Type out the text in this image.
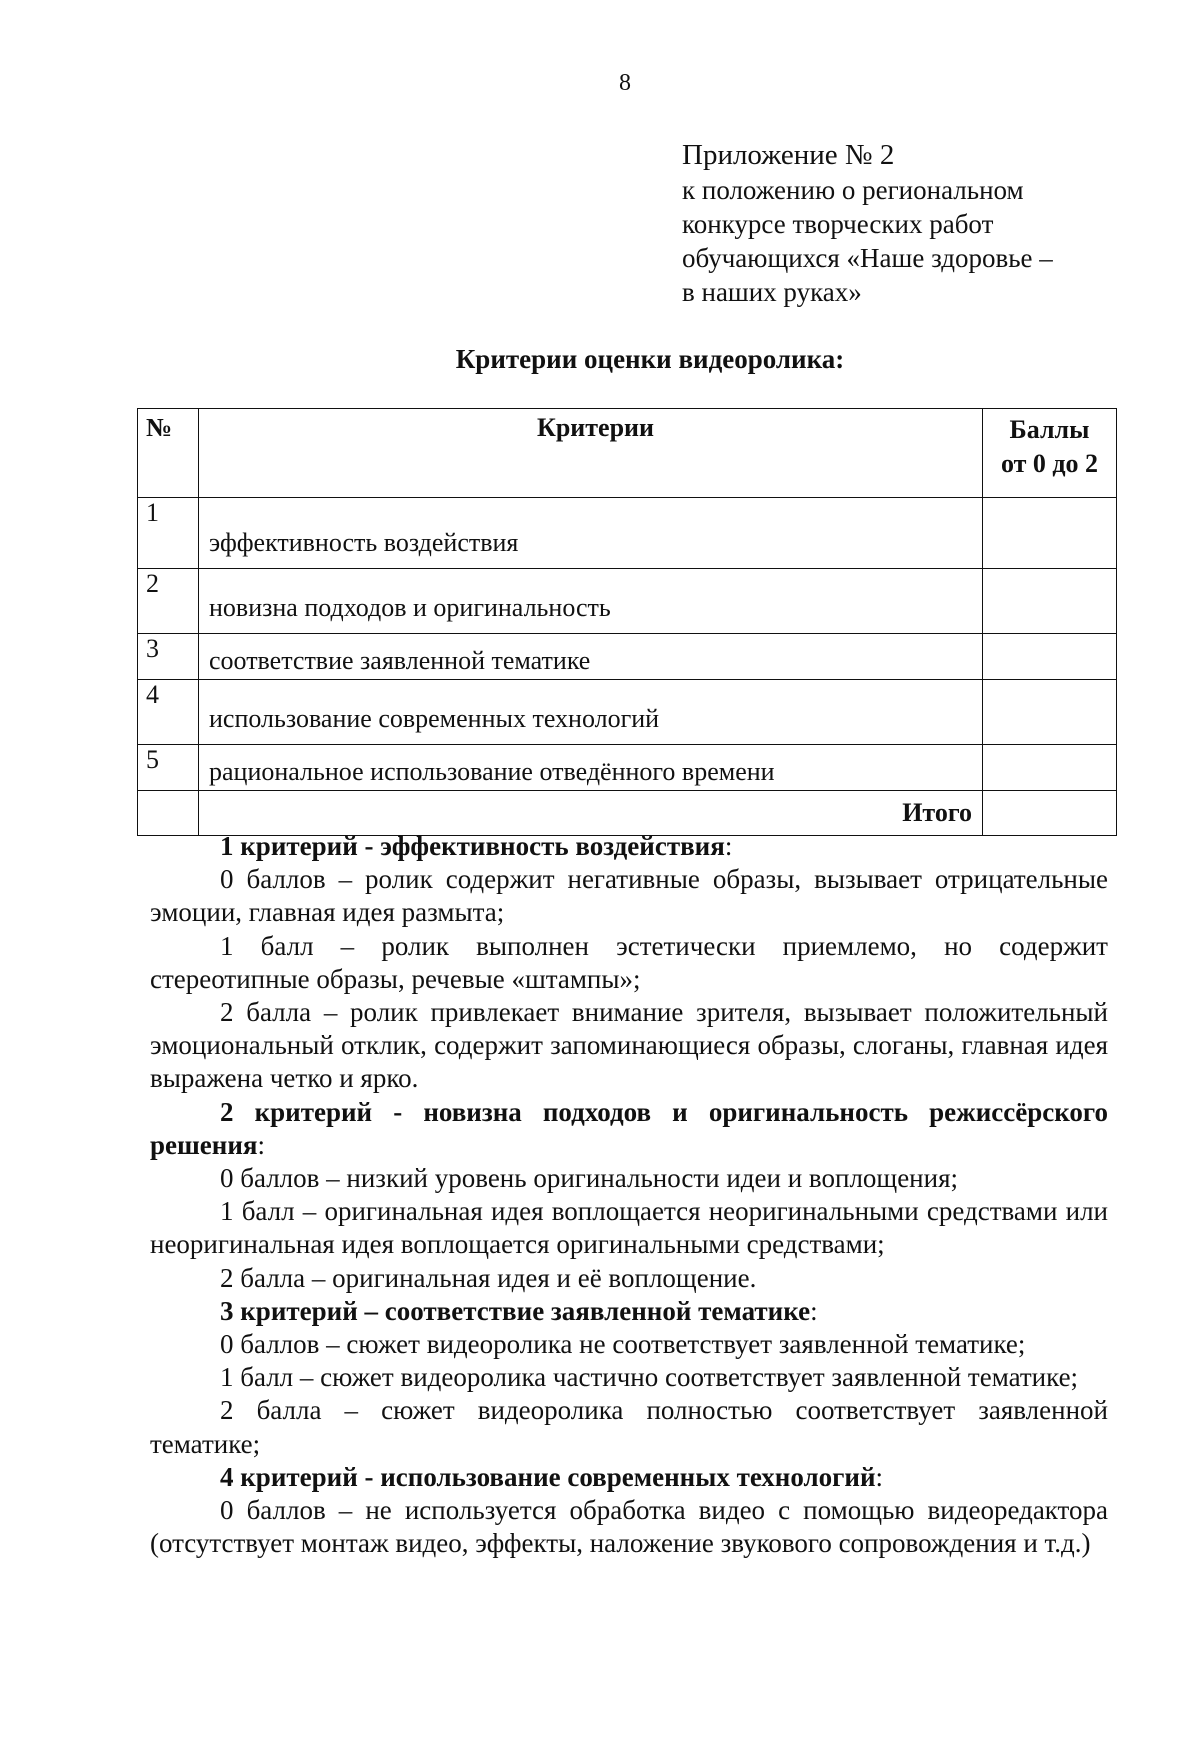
8
Приложение № 2
к положению о региональном
конкурсе творческих работ
обучающихся «Наше здоровье –
в наших руках»
Критерии оценки видеоролика:
№	Критерии	Баллы
от 0 до 2
1	эффективность воздействия	
2	новизна подходов и оригинальность	
3	соответствие заявленной тематике	
4	использование современных технологий	
5	рациональное использование отведённого времени	
	Итого	

1 критерий - эффективность воздействия:

0 баллов – ролик содержит негативные образы, вызывает отрицательные эмоции, главная идея размыта;

1 балл – ролик выполнен эстетически приемлемо, но содержит стереотипные образы, речевые «штампы»;

2 балла – ролик привлекает внимание зрителя, вызывает положительный эмоциональный отклик, содержит запоминающиеся образы, слоганы, главная идея выражена четко и ярко.

2 критерий - новизна подходов и оригинальность режиссёрского решения:

0 баллов – низкий уровень оригинальности идеи и воплощения;

1 балл – оригинальная идея воплощается неоригинальными средствами или неоригинальная идея воплощается оригинальными средствами;

2 балла – оригинальная идея и её воплощение.

3 критерий – соответствие заявленной тематике:

0 баллов – сюжет видеоролика не соответствует заявленной тематике;

1 балл – сюжет видеоролика частично соответствует заявленной тематике;

2 балла – сюжет видеоролика полностью соответствует заявленной тематике;

4 критерий - использование современных технологий:

0 баллов – не используется обработка видео с помощью видеоредактора (отсутствует монтаж видео, эффекты, наложение звукового сопровождения и т.д.)
